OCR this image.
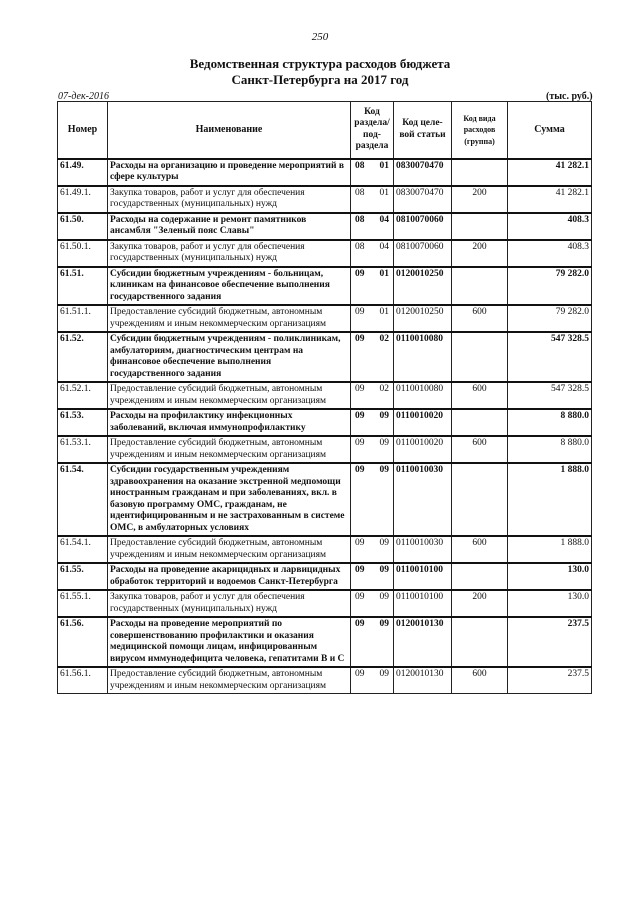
250
Ведомственная структура расходов бюджета
Санкт-Петербурга на 2017 год
07-дек-2016	(тыс. руб.)
Номер	Наименование	Код раздела/ под- раздела	Код целе- вой статьи	Код вида расходов (группа)	Сумма
61.49.	Расходы на организацию и проведение мероприятий в сфере культуры	08 01	0830070470		41 282.1
61.49.1.	Закупка товаров, работ и услуг для обеспечения государственных (муниципальных) нужд	08 01	0830070470	200	41 282.1
61.50.	Расходы на содержание и ремонт памятников ансамбля "Зеленый пояс Славы"	08 04	0810070060		408.3
61.50.1.	Закупка товаров, работ и услуг для обеспечения государственных (муниципальных) нужд	08 04	0810070060	200	408.3
61.51.	Субсидии бюджетным учреждениям - больницам, клиникам на финансовое обеспечение выполнения государственного задания	09 01	0120010250		79 282.0
61.51.1.	Предоставление субсидий бюджетным, автономным учреждениям и иным некоммерческим организациям	09 01	0120010250	600	79 282.0
61.52.	Субсидии бюджетным учреждениям - поликлиникам, амбулаториям, диагностическим центрам на финансовое обеспечение выполнения государственного задания	09 02	0110010080		547 328.5
61.52.1.	Предоставление субсидий бюджетным, автономным учреждениям и иным некоммерческим организациям	09 02	0110010080	600	547 328.5
61.53.	Расходы на профилактику инфекционных заболеваний, включая иммунопрофилактику	09 09	0110010020		8 880.0
61.53.1.	Предоставление субсидий бюджетным, автономным учреждениям и иным некоммерческим организациям	09 09	0110010020	600	8 880.0
61.54.	Субсидии государственным учреждениям здравоохранения на оказание экстренной медпомощи иностранным гражданам и при заболеваниях, вкл. в базовую программу ОМС, гражданам, не идентифицированным и не застрахованным в системе ОМС, в амбулаторных условиях	09 09	0110010030		1 888.0
61.54.1.	Предоставление субсидий бюджетным, автономным учреждениям и иным некоммерческим организациям	09 09	0110010030	600	1 888.0
61.55.	Расходы на проведение акарицидных и ларвицидных обработок территорий и водоемов Санкт-Петербурга	09 09	0110010100		130.0
61.55.1.	Закупка товаров, работ и услуг для обеспечения государственных (муниципальных) нужд	09 09	0110010100	200	130.0
61.56.	Расходы на проведение мероприятий по совершенствованию профилактики и оказания медицинской помощи лицам, инфицированным вирусом иммунодефицита человека, гепатитами В и С	09 09	0120010130		237.5
61.56.1.	Предоставление субсидий бюджетным, автономным учреждениям и иным некоммерческим организациям	09 09	0120010130	600	237.5
